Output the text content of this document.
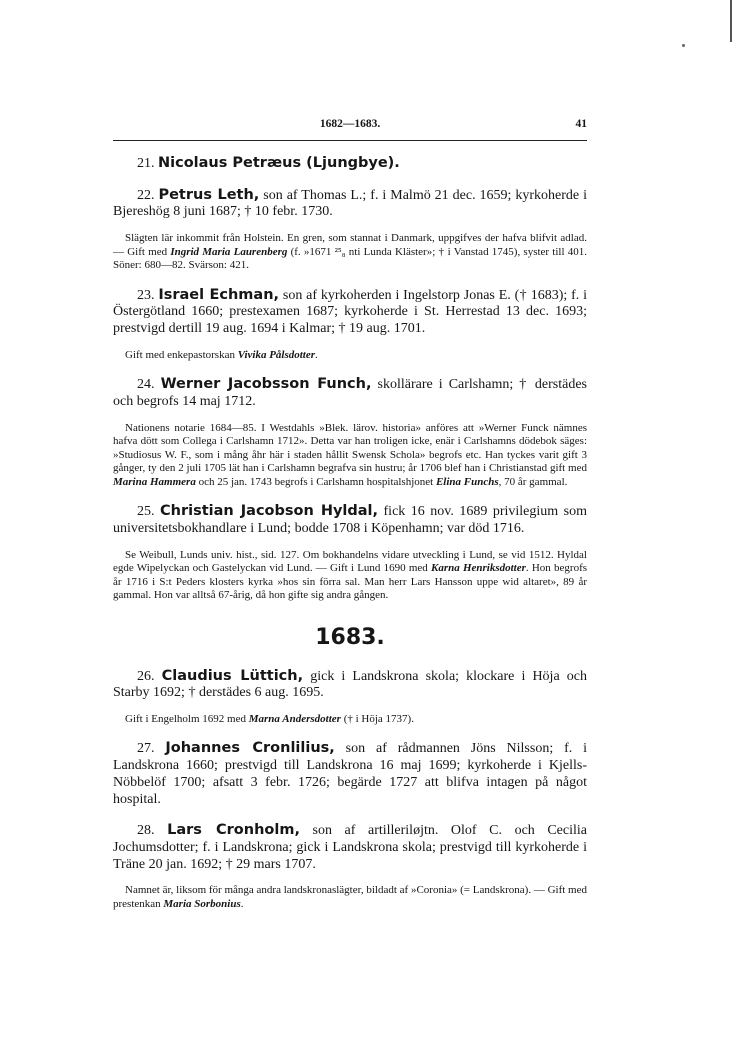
1682—1683.	41

21. Nicolaus Petræus (Ljungbye).

22. Petrus Leth, son af Thomas L.; f. i Malmö 21 dec. 1659; kyrkoherde i Bjereshög 8 juni 1687; † 10 febr. 1730.

Slägten lär inkommit från Holstein. En gren, som stannat i Danmark, uppgifves der hafva blifvit adlad. — Gift med Ingrid Maria Laurenberg (f. »1671 ²⁵₈ nti Lunda Kläster»; † i Vanstad 1745), syster till 401. Söner: 680—82. Svärson: 421.

23. Israel Echman, son af kyrkoherden i Ingelstorp Jonas E. († 1683); f. i Östergötland 1660; prestexamen 1687; kyrkoherde i St. Herrestad 13 dec. 1693; prestvigd dertill 19 aug. 1694 i Kalmar; † 19 aug. 1701.

Gift med enkepastorskan Vivika Pålsdotter.

24. Werner Jacobsson Funch, skollärare i Carlshamn; † derstädes och begrofs 14 maj 1712.

Nationens notarie 1684—85. I Westdahls »Blek. lärov. historia» anföres att »Werner Funck nämnes hafva dött som Collega i Carlshamn 1712». Detta var han troligen icke, enär i Carlshamns dödebok säges: »Studiosus W. F., som i mång åhr här i staden hållit Swensk Schola» begrofs etc. Han tyckes varit gift 3 gånger, ty den 2 juli 1705 lät han i Carlshamn begrafva sin hustru; år 1706 blef han i Christianstad gift med Marina Hammera och 25 jan. 1743 begrofs i Carlshamn hospitalshjonet Elina Funchs, 70 år gammal.

25. Christian Jacobson Hyldal, fick 16 nov. 1689 privilegium som universitetsbokhandlare i Lund; bodde 1708 i Köpenhamn; var död 1716.

Se Weibull, Lunds univ. hist., sid. 127. Om bokhandelns vidare utveckling i Lund, se vid 1512. Hyldal egde Wipelyckan och Gastelyckan vid Lund. — Gift i Lund 1690 med Karna Henriksdotter. Hon begrofs år 1716 i S:t Peders klosters kyrka »hos sin förra sal. Man herr Lars Hansson uppe wid altaret», 89 år gammal. Hon var alltså 67-årig, då hon gifte sig andra gången.

1683.

26. Claudius Lüttich, gick i Landskrona skola; klockare i Höja och Starby 1692; † derstädes 6 aug. 1695.

Gift i Engelholm 1692 med Marna Andersdotter († i Höja 1737).

27. Johannes Cronlilius, son af rådmannen Jöns Nilsson; f. i Landskrona 1660; prestvigd till Landskrona 16 maj 1699; kyrkoherde i Kjells-Nöbbelöf 1700; afsatt 3 febr. 1726; begärde 1727 att blifva intagen på något hospital.

28. Lars Cronholm, son af artilleriløjtn. Olof C. och Cecilia Jochumsdotter; f. i Landskrona; gick i Landskrona skola; prestvigd till kyrkoherde i Träne 20 jan. 1692; † 29 mars 1707.

Namnet är, liksom för många andra landskronaslägter, bildadt af »Coronia» (= Landskrona). — Gift med prestenkan Maria Sorbonius.
